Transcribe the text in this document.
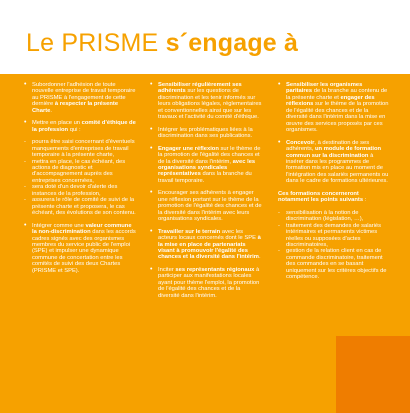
Le PRISME s´engage à
• Subordonner l'adhésion de toute nouvelle entreprise de travail temporaire au PRISME à l'engagement de cette dernière à respecter la présente Charte.
• Mettre en place un comité d'éthique de la profession qui :
- pourra être saisi concernant d'éventuels manquements d'entreprises de travail temporaire à la présente charte,
- mettra en place, le cas échéant, des actions de diagnostic et d'accompagnement auprès des entreprises concernées,
- sera doté d'un devoir d'alerte des instances de la profession,
- assurera le rôle de comité de suivi de la présente charte et proposera, le cas échéant, des évolutions de son contenu.
• Intégrer comme une valeur commune la non-discrimination dans les accords cadres signés avec des organismes membres du service public de l'emploi (SPE) et impulser une dynamique commune de concertation entre les comités de suivi des deux Chartes (PRISME et SPE).
• Sensibiliser régulièrement ses adhérents sur les questions de discrimination et les tenir informés sur leurs obligations légales, réglementaires et conventionnelles ainsi que sur les travaux et l'activité du comité d'éthique.
• Intégrer les problématiques liées à la discrimination dans ses publications.
• Engager une réflexion sur le thème de la promotion de l'égalité des chances et de la diversité dans l'intérim, avec les organisations syndicales représentatives dans la branche du travail temporaire.
• Encourager ses adhérents à engager une réflexion portant sur le thème de la promotion de l'égalité des chances et de la diversité dans l'intérim avec leurs organisations syndicales.
• Travailler sur le terrain avec les acteurs locaux concernés dont le SPE à la mise en place de partenariats visant à promouvoir l'égalité des chances et la diversité dans l'intérim.
• Inciter ses représentants régionaux à participer aux manifestations locales ayant pour thème l'emploi, la promotion de l'égalité des chances et de la diversité dans l'intérim.
• Sensibiliser les organismes paritaires de la branche au contenu de la présente charte et engager des réflexions sur le thème de la promotion de l'égalité des chances et de la diversité dans l'intérim dans la mise en œuvre des services proposés par ces organismes.
• Concevoir, à destination de ses adhérents, un module de formation commun sur la discrimination à insérer dans les programmes de formation mis en place au moment de l'intégration des salariés permanents ou dans le cadre de formations ultérieures.
Ces formations concerneront notamment les points suivants :
- sensibilisation à la notion de discrimination (législation, …),
- traitement des demandes de salariés intérimaires et permanents victimes réelles ou supposées d'actes discriminatoires,
- gestion de la relation client en cas de commande discriminatoire, traitement des commandes en se basant uniquement sur les critères objectifs de compétence.
